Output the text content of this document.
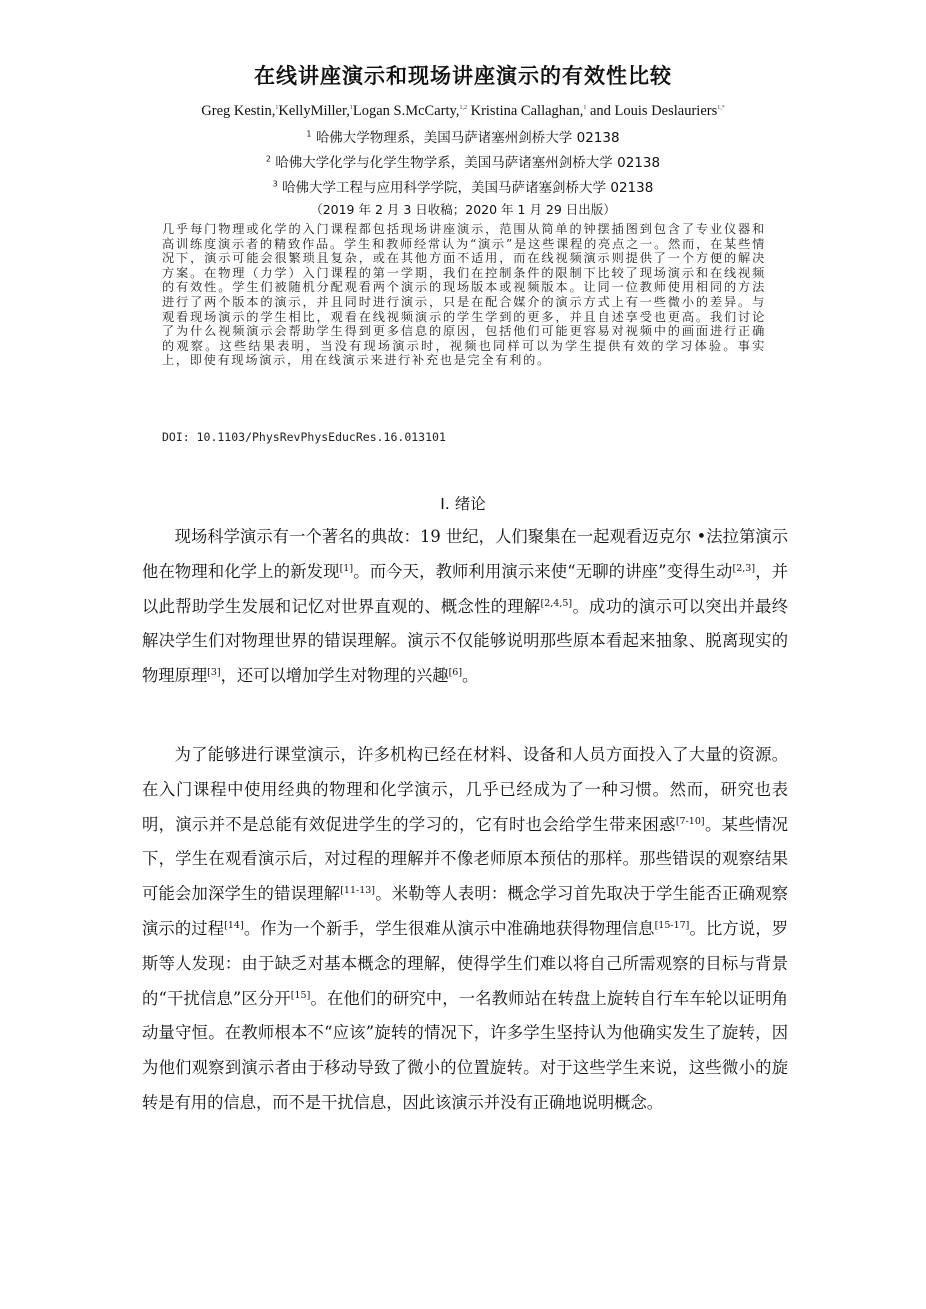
在线讲座演示和现场讲座演示的有效性比较
Greg Kestin,$^1$KellyMiller,$^1$Logan S.McCarty,$^{1,2}$ Kristina Callaghan,$^1$ and Louis Deslauriers$^{1,*}$
$^1$ 哈佛大学物理系，美国马萨诸塞州剑桥大学 02138
$^2$ 哈佛大学化学与化学生物学系，美国马萨诸塞州剑桥大学 02138
$^3$ 哈佛大学工程与应用科学学院，美国马萨诸塞剑桥大学 02138
（2019 年 2 月 3 日收稿；2020 年 1 月 29 日出版）
几乎每门物理或化学的入门课程都包括现场讲座演示，范围从简单的钟摆插图到包含了专业仪器和高训练度演示者的精致作品。学生和教师经常认为“演示”是这些课程的亮点之一。然而，在某些情况下，演示可能会很繁琐且复杂，或在其他方面不适用，而在线视频演示则提供了一个方便的解决方案。在物理（力学）入门课程的第一学期，我们在控制条件的限制下比较了现场演示和在线视频的有效性。学生们被随机分配观看两个演示的现场版本或视频版本。让同一位教师使用相同的方法进行了两个版本的演示，并且同时进行演示，只是在配合媒介的演示方式上有一些微小的差异。与观看现场演示的学生相比，观看在线视频演示的学生学到的更多，并且自述享受也更高。我们讨论了为什么视频演示会帮助学生得到更多信息的原因，包括他们可能更容易对视频中的画面进行正确的观察。这些结果表明，当没有现场演示时，视频也同样可以为学生提供有效的学习体验。事实上，即使有现场演示，用在线演示来进行补充也是完全有利的。
DOI: 10.1103/PhysRevPhysEducRes.16.013101
I. 绪论

现场科学演示有一个著名的典故：19 世纪，人们聚集在一起观看迈克尔 •法拉第演示他在物理和化学上的新发现[1]。而今天，教师利用演示来使“无聊的讲座”变得生动[2,3]，并以此帮助学生发展和记忆对世界直观的、概念性的理解[2,4,5]。成功的演示可以突出并最终解决学生们对物理世界的错误理解。演示不仅能够说明那些原本看起来抽象、脱离现实的物理原理[3]，还可以增加学生对物理的兴趣[6]。

为了能够进行课堂演示，许多机构已经在材料、设备和人员方面投入了大量的资源。在入门课程中使用经典的物理和化学演示，几乎已经成为了一种习惯。然而，研究也表明，演示并不是总能有效促进学生的学习的，它有时也会给学生带来困惑[7-10]。某些情况下，学生在观看演示后，对过程的理解并不像老师原本预估的那样。那些错误的观察结果可能会加深学生的错误理解[11-13]。米勒等人表明：概念学习首先取决于学生能否正确观察演示的过程[14]。作为一个新手，学生很难从演示中准确地获得物理信息[15-17]。比方说，罗斯等人发现：由于缺乏对基本概念的理解，使得学生们难以将自己所需观察的目标与背景的“干扰信息”区分开[15]。在他们的研究中，一名教师站在转盘上旋转自行车车轮以证明角动量守恒。在教师根本不“应该”旋转的情况下，许多学生坚持认为他确实发生了旋转，因为他们观察到演示者由于移动导致了微小的位置旋转。对于这些学生来说，这些微小的旋转是有用的信息，而不是干扰信息，因此该演示并没有正确地说明概念。
